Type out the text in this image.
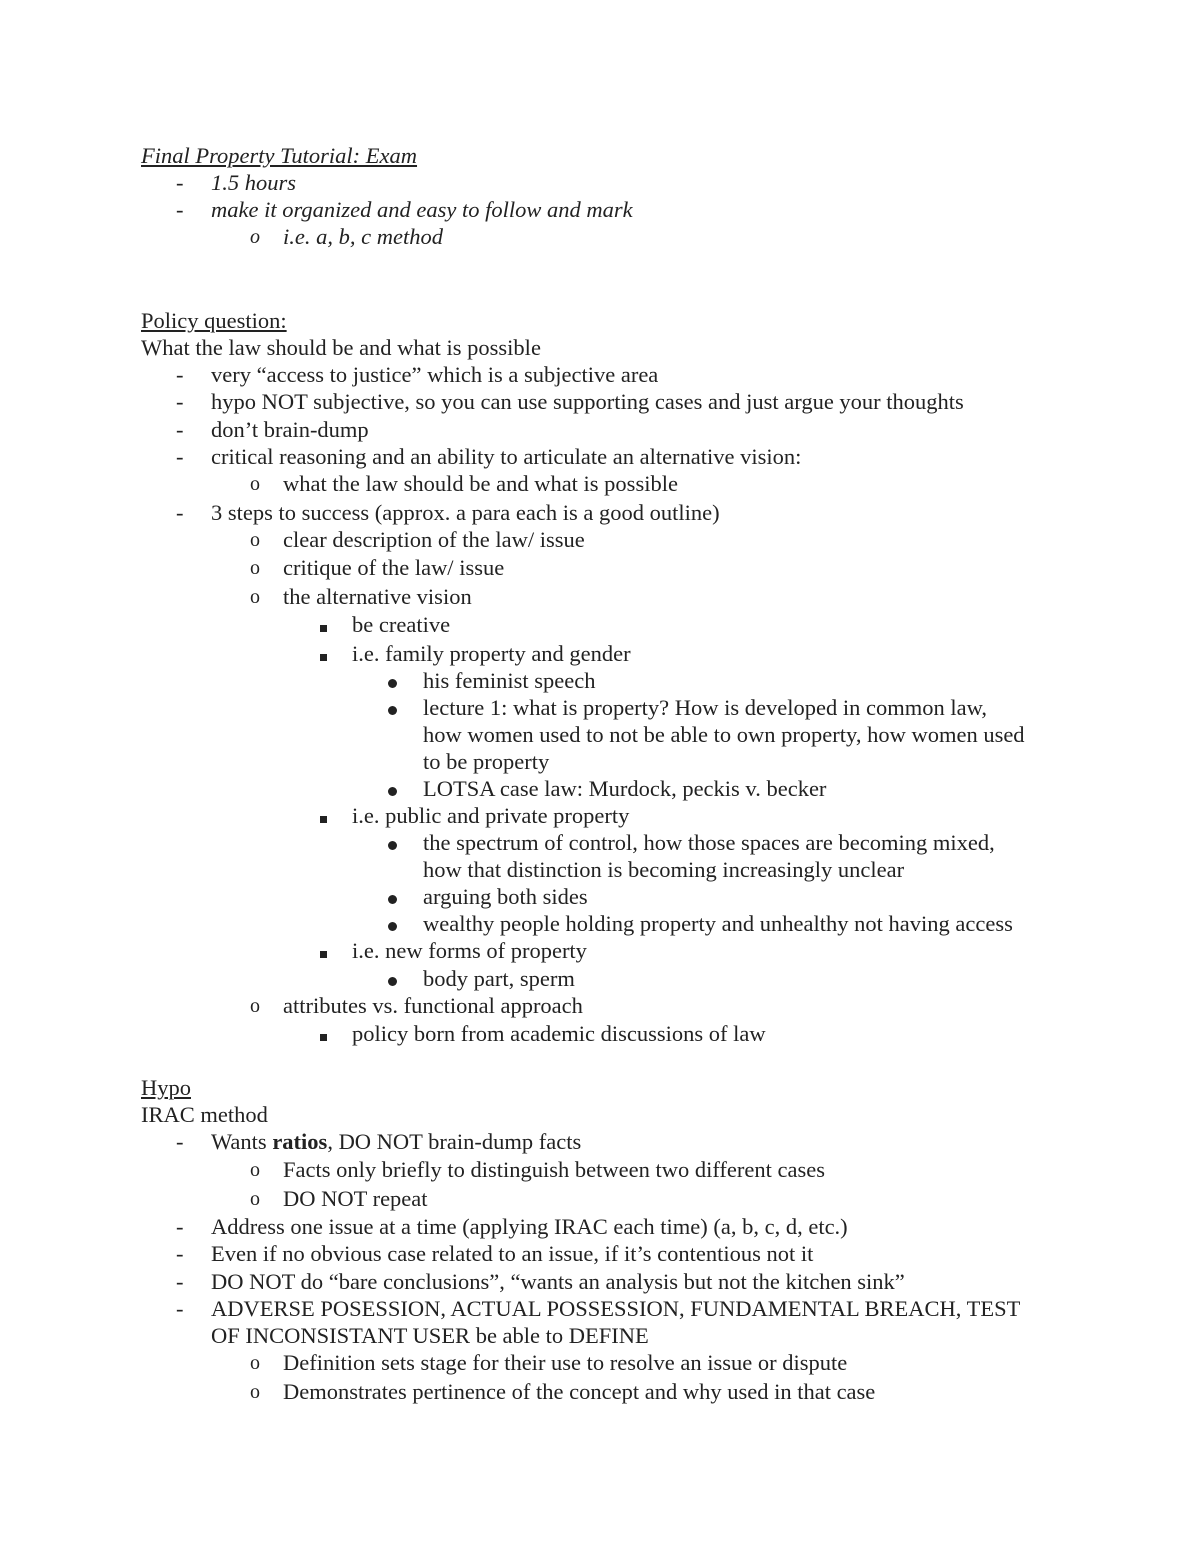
Final Property Tutorial: Exam
- 1.5 hours
- make it organized and easy to follow and mark
o i.e. a, b, c method
Policy question:
What the law should be and what is possible
- very “access to justice” which is a subjective area
- hypo NOT subjective, so you can use supporting cases and just argue your thoughts
- don’t brain-dump
- critical reasoning and an ability to articulate an alternative vision:
o what the law should be and what is possible
- 3 steps to success (approx. a para each is a good outline)
o clear description of the law/ issue
o critique of the law/ issue
o the alternative vision
be creative
i.e. family property and gender
his feminist speech
lecture 1: what is property? How is developed in common law,
how women used to not be able to own property, how women used
to be property
LOTSA case law: Murdock, peckis v. becker
i.e. public and private property
the spectrum of control, how those spaces are becoming mixed,
how that distinction is becoming increasingly unclear
arguing both sides
wealthy people holding property and unhealthy not having access
i.e. new forms of property
body part, sperm
o attributes vs. functional approach
policy born from academic discussions of law
Hypo
IRAC method
- Wants ratios, DO NOT brain-dump facts
o Facts only briefly to distinguish between two different cases
o DO NOT repeat
- Address one issue at a time (applying IRAC each time) (a, b, c, d, etc.)
- Even if no obvious case related to an issue, if it’s contentious not it
- DO NOT do “bare conclusions”, “wants an analysis but not the kitchen sink”
- ADVERSE POSESSION, ACTUAL POSSESSION, FUNDAMENTAL BREACH, TEST
OF INCONSISTANT USER be able to DEFINE
o Definition sets stage for their use to resolve an issue or dispute
o Demonstrates pertinence of the concept and why used in that case
